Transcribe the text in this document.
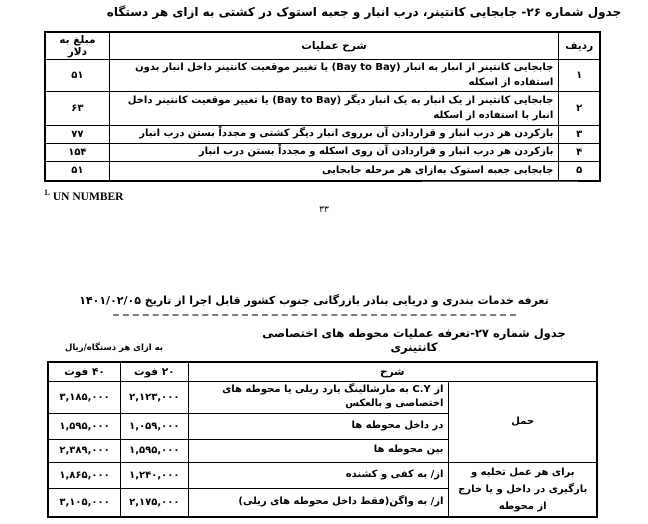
جدول شماره ۲۶- جابجایی کانتینر، درب انبار و جعبه استوک در کشتی به ازای هر دستگاه
ردیف	شرح عملیات	مبلغ به دلار
۱	جابجایی کانتینر از انبار به انبار (Bay to Bay) یا تغییر موقعیت کانتینر داخل انبار بدون استفاده از اسکله	۵۱
۲	جابجایی کانتینر از یک انبار به یک انبار دیگر (Bay to Bay) یا تغییر موقعیت کانتینر داخل انبار با استفاده از اسکله	۶۳
۳	بازکردن هر درب انبار و قراردادن آن برروی انبار دیگر کشتی و مجدداً بستن درب انبار	۷۷
۴	بازکردن هر درب انبار و قراردادن آن روی اسکله و مجدداً بستن درب انبار	۱۵۴
۵	جابجایی جعبه استوک به‌ازای هر مرحله جابجایی	۵۱
$^{1.}$ UN NUMBER
۳۳
تعرفه خدمات بندری و دریایی بنادر بازرگانی جنوب کشور قابل اجرا از تاریخ ۱۴۰۱/۰۲/۰۵
جدول شماره ۲۷-تعرفه عملیات محوطه های اختصاصی کانتینری
به ازای هر دستگاه/ریال
شرح		۲۰ فوت	۴۰ فوت
حمل	از C.Y به مارشالینگ یارد ریلی یا محوطه های اختصاصی و بالعکس	۲,۱۲۳,۰۰۰	۳,۱۸۵,۰۰۰
	در داخل محوطه ها	۱,۰۵۹,۰۰۰	۱,۵۹۵,۰۰۰
	بین محوطه ها	۱,۵۹۵,۰۰۰	۲,۳۸۹,۰۰۰
برای هر عمل تخلیه و بارگیری در داخل و یا خارج از محوطه	از/ به کفی و کشنده	۱,۲۴۰,۰۰۰	۱,۸۶۵,۰۰۰
	از/ به واگن(فقط داخل محوطه های ریلی)	۲,۱۷۵,۰۰۰	۳,۱۰۵,۰۰۰
